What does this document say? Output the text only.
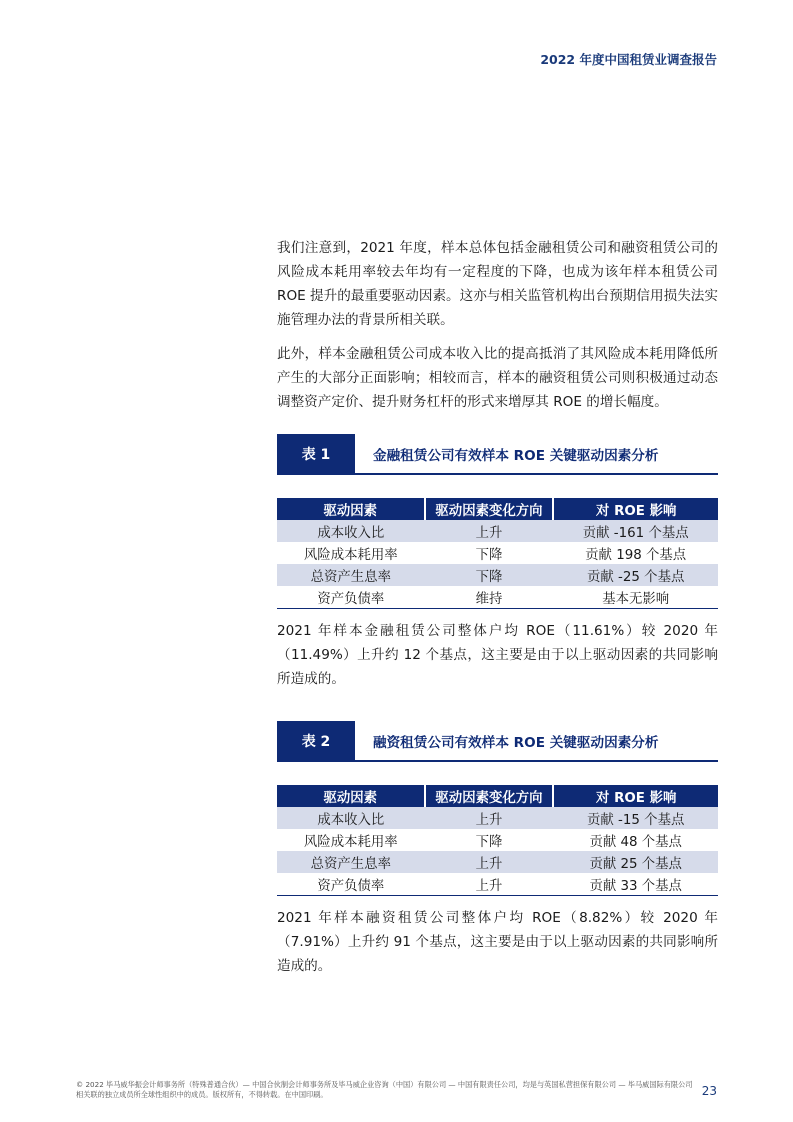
2022 年度中国租赁业调查报告

我们注意到，2021 年度，样本总体包括金融租赁公司和融资租赁公司的风险成本耗用率较去年均有一定程度的下降，也成为该年样本租赁公司 ROE 提升的最重要驱动因素。这亦与相关监管机构出台预期信用损失法实施管理办法的背景所相关联。

此外，样本金融租赁公司成本收入比的提高抵消了其风险成本耗用降低所产生的大部分正面影响；相较而言，样本的融资租赁公司则积极通过动态调整资产定价、提升财务杠杆的形式来增厚其 ROE 的增长幅度。

表 1	金融租赁公司有效样本 ROE 关键驱动因素分析
驱动因素	驱动因素变化方向	对 ROE 影响
成本收入比	上升	贡献 -161 个基点
风险成本耗用率	下降	贡献 198 个基点
总资产生息率	下降	贡献 -25 个基点
资产负债率	维持	基本无影响

2021 年样本金融租赁公司整体户均 ROE（11.61%）较 2020 年（11.49%）上升约 12 个基点，这主要是由于以上驱动因素的共同影响所造成的。

表 2	融资租赁公司有效样本 ROE 关键驱动因素分析
驱动因素	驱动因素变化方向	对 ROE 影响
成本收入比	上升	贡献 -15 个基点
风险成本耗用率	下降	贡献 48 个基点
总资产生息率	上升	贡献 25 个基点
资产负债率	上升	贡献 33 个基点

2021 年样本融资租赁公司整体户均 ROE（8.82%）较 2020 年（7.91%）上升约 91 个基点，这主要是由于以上驱动因素的共同影响所造成的。

© 2022 毕马威华振会计师事务所（特殊普通合伙）— 中国合伙制会计师事务所及毕马威企业咨询（中国）有限公司 — 中国有限责任公司，均是与英国私营担保有限公司 — 毕马威国际有限公司相关联的独立成员所全球性组织中的成员。版权所有，不得转载。在中国印刷。	23
